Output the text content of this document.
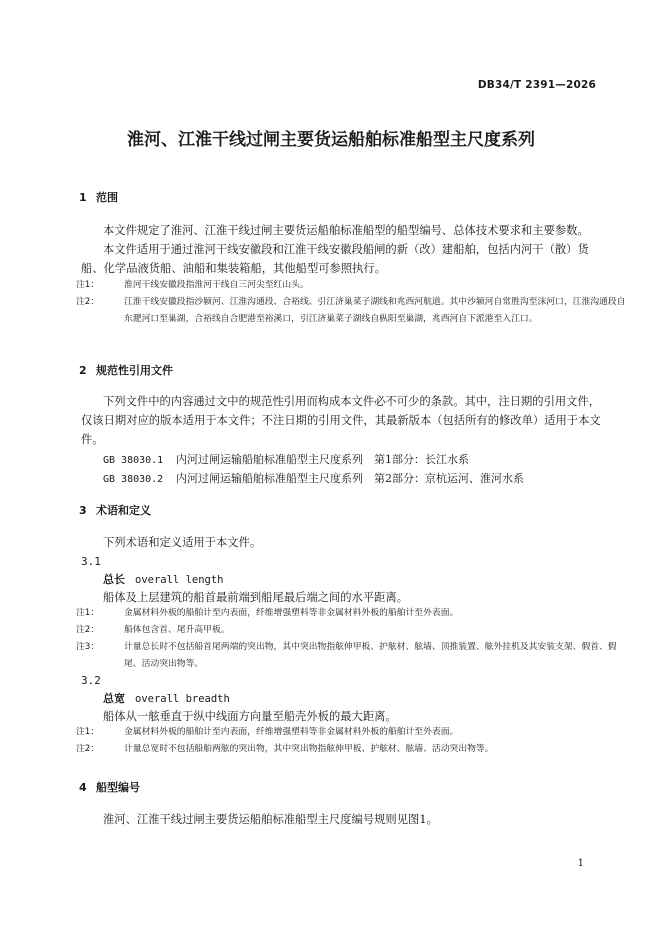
DB34/T 2391—2026
淮河、江淮干线过闸主要货运船舶标准船型主尺度系列
1 范围
本文件规定了淮河、江淮干线过闸主要货运船舶标准船型的船型编号、总体技术要求和主要参数。
本文件适用于通过淮河干线安徽段和江淮干线安徽段船闸的新（改）建船舶，包括内河干（散）货船、化学品液货船、油船和集装箱船，其他船型可参照执行。
注1：	淮河干线安徽段指淮河干线自三河尖至红山头。
注2：	江淮干线安徽段指沙颍河、江淮沟通段、合裕线、引江济巢菜子湖线和兆西河航道。其中沙颍河自常胜沟至沫河口，江淮沟通段自东淝河口至巢湖，合裕线自合肥港至裕溪口，引江济巢菜子湖线自枞阳至巢湖，兆西河自下派港至入江口。
2 规范性引用文件
下列文件中的内容通过文中的规范性引用而构成本文件必不可少的条款。其中，注日期的引用文件，仅该日期对应的版本适用于本文件；不注日期的引用文件，其最新版本（包括所有的修改单）适用于本文件。
GB 38030.1 内河过闸运输船舶标准船型主尺度系列　第1部分：长江水系
GB 38030.2 内河过闸运输船舶标准船型主尺度系列　第2部分：京杭运河、淮河水系
3 术语和定义
下列术语和定义适用于本文件。
3.1
总长 overall length
船体及上层建筑的船首最前端到船尾最后端之间的水平距离。
注1：	金属材料外板的船舶计至内表面，纤维增强塑料等非金属材料外板的船舶计至外表面。
注2：	船体包含首、尾升高甲板。
注3：	计量总长时不包括船首尾两端的突出物，其中突出物指舷伸甲板、护舷材、舷墙、顶推装置、舷外挂机及其安装支架、假首、假尾、活动突出物等。
3.2
总宽 overall breadth
船体从一舷垂直于纵中线面方向量至船壳外板的最大距离。
注1：	金属材料外板的船舶计至内表面，纤维增强塑料等非金属材料外板的船舶计至外表面。
注2：	计量总宽时不包括船舶两舷的突出物，其中突出物指舷伸甲板、护舷材、舷墙、活动突出物等。
4 船型编号
淮河、江淮干线过闸主要货运船舶标准船型主尺度编号规则见图1。
1
